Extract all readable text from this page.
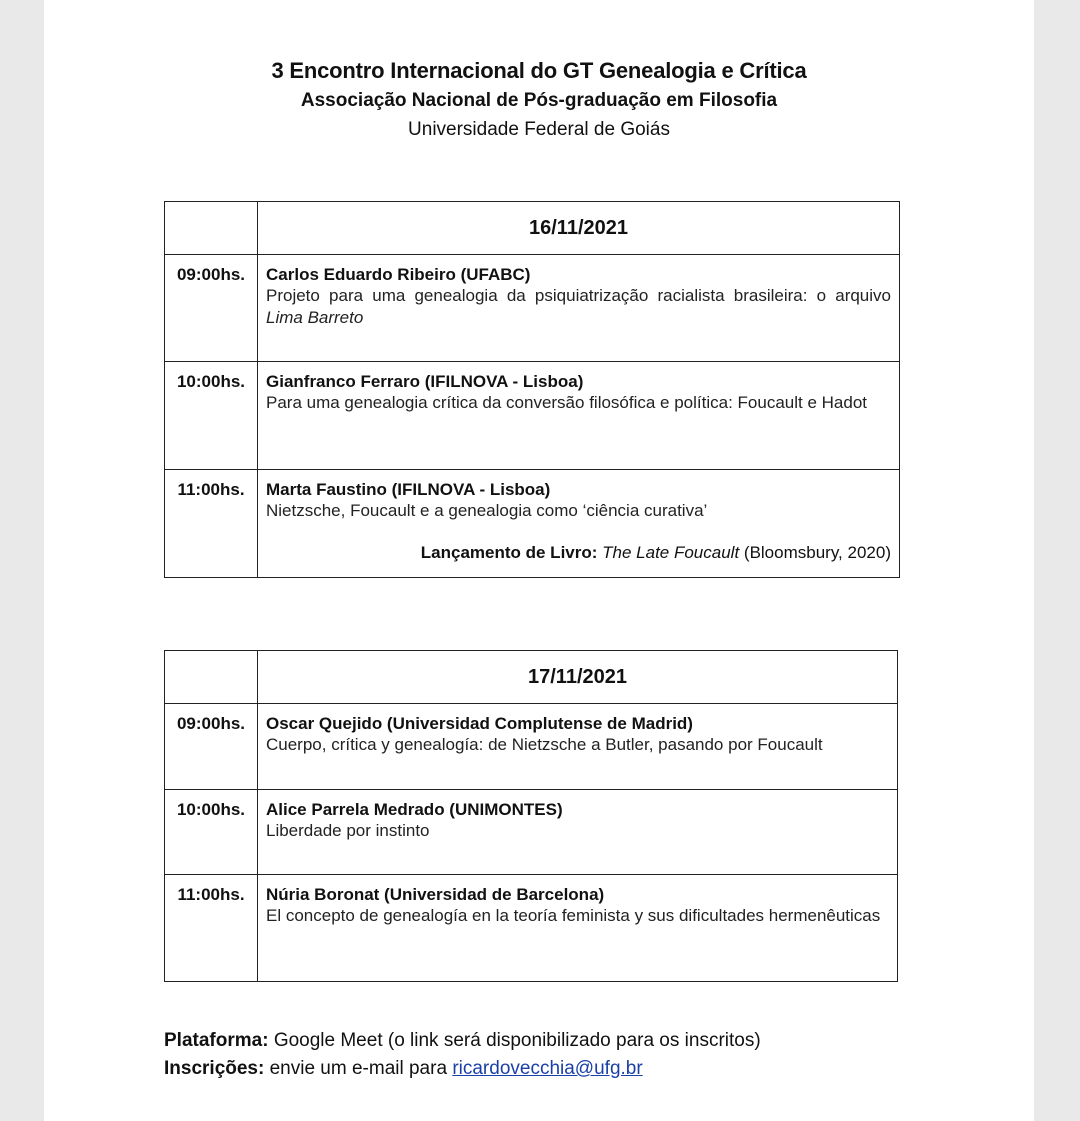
3 Encontro Internacional do GT Genealogia e Crítica
Associação Nacional de Pós-graduação em Filosofia
Universidade Federal de Goiás
	16/11/2021
09:00hs.	Carlos Eduardo Ribeiro (UFABC)
Projeto para uma genealogia da psiquiatrização racialista brasileira: o arquivo Lima Barreto

10:00hs.	Gianfranco Ferraro (IFILNOVA - Lisboa)
Para uma genealogia crítica da conversão filosófica e política: Foucault e Hadot

11:00hs.	Marta Faustino (IFILNOVA - Lisboa)
Nietzsche, Foucault e a genealogia como ‘ciência curativa’
Lançamento de Livro: The Late Foucault (Bloomsbury, 2020)
	17/11/2021
09:00hs.	Oscar Quejido (Universidad Complutense de Madrid)
Cuerpo, crítica y genealogía: de Nietzsche a Butler, pasando por Foucault

10:00hs.	Alice Parrela Medrado (UNIMONTES)
Liberdade por instinto

11:00hs.	Núria Boronat (Universidad de Barcelona)
El concepto de genealogía en la teoría feminista y sus dificultades hermenêuticas
Plataforma: Google Meet (o link será disponibilizado para os inscritos)
Inscrições: envie um e-mail para ricardovecchia@ufg.br
